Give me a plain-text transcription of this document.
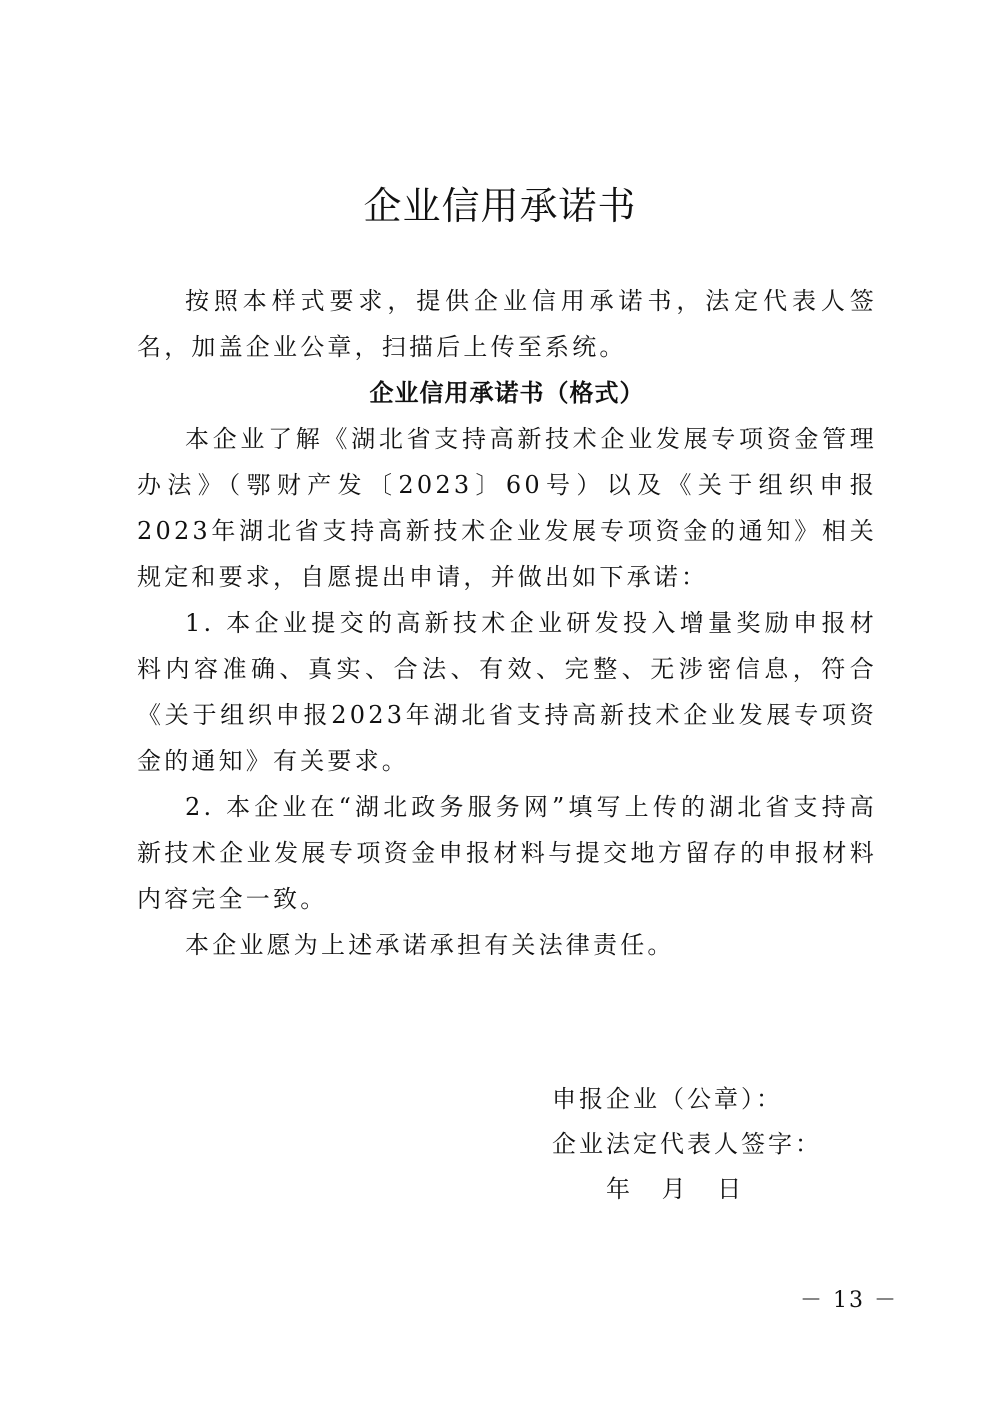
企业信用承诺书

按照本样式要求，提供企业信用承诺书，法定代表人签名，加盖企业公章，扫描后上传至系统。

企业信用承诺书（格式）

本企业了解《湖北省支持高新技术企业发展专项资金管理办法》（鄂财产发〔2023〕60号）以及《关于组织申报2023年湖北省支持高新技术企业发展专项资金的通知》相关规定和要求，自愿提出申请，并做出如下承诺：

1. 本企业提交的高新技术企业研发投入增量奖励申报材料内容准确、真实、合法、有效、完整、无涉密信息，符合《关于组织申报2023年湖北省支持高新技术企业发展专项资金的通知》有关要求。

2. 本企业在“湖北政务服务网”填写上传的湖北省支持高新技术企业发展专项资金申报材料与提交地方留存的申报材料内容完全一致。

本企业愿为上述承诺承担有关法律责任。

申报企业（公章）：
企业法定代表人签字：
年 月 日
－ 13 －
